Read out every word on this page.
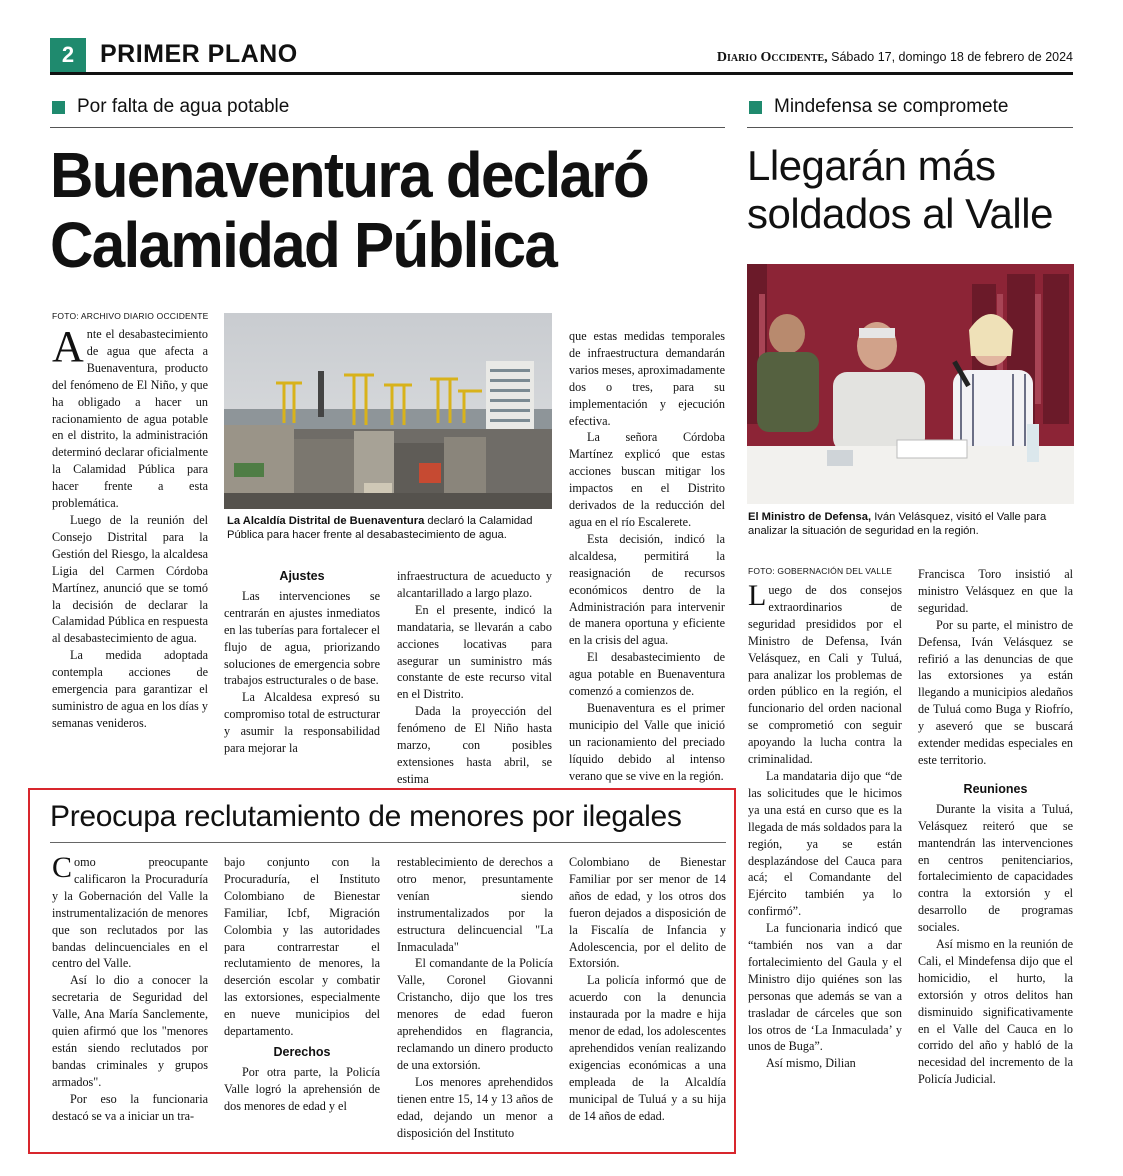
2	PRIMER PLANO	Diario Occidente, Sábado 17, domingo 18 de febrero de 2024
Por falta de agua potable
Buenaventura declaró Calamidad Pública
FOTO: ARCHIVO DIARIO OCCIDENTE

Ante el desabastecimiento de agua que afecta a Buenaventura, producto del fenómeno de El Niño, y que ha obligado a hacer un racionamiento de agua potable en el distrito, la administración determinó declarar oficialmente la Calamidad Pública para hacer frente a esta problemática.

Luego de la reunión del Consejo Distrital para la Gestión del Riesgo, la alcaldesa Ligia del Carmen Córdoba Martínez, anunció que se tomó la decisión de declarar la Calamidad Pública en respuesta al desabastecimiento de agua.

La medida adoptada contempla acciones de emergencia para garantizar el suministro de agua en los días y semanas venideros.

La Alcaldía Distrital de Buenaventura declaró la Calamidad Pública para hacer frente al desabastecimiento de agua.
Ajustes

Las intervenciones se centrarán en ajustes inmediatos en las tuberías para fortalecer el flujo de agua, priorizando soluciones de emergencia sobre trabajos estructurales o de base.

La Alcaldesa expresó su compromiso total de estructurar y asumir la responsabilidad para mejorar la

infraestructura de acueducto y alcantarillado a largo plazo.

En el presente, indicó la mandataria, se llevarán a cabo acciones locativas para asegurar un suministro más constante de este recurso vital en el Distrito.

Dada la proyección del fenómeno de El Niño hasta marzo, con posibles extensiones hasta abril, se estima

que estas medidas temporales de infraestructura demandarán varios meses, aproximadamente dos o tres, para su implementación y ejecución efectiva.

La señora Córdoba Martínez explicó que estas acciones buscan mitigar los impactos en el Distrito derivados de la reducción del agua en el río Escalerete.

Esta decisión, indicó la alcaldesa, permitirá la reasignación de recursos económicos dentro de la Administración para intervenir de manera oportuna y eficiente en la crisis del agua.

El desabastecimiento de agua potable en Buenaventura comenzó a comienzos de.

Buenaventura es el primer municipio del Valle que inició un racionamiento del preciado líquido debido al intenso verano que se vive en la región.

Preocupa reclutamiento de menores por ilegales

Como preocupante calificaron la Procuraduría y la Gobernación del Valle la instrumentalización de menores que son reclutados por las bandas delincuenciales en el centro del Valle.

Así lo dio a conocer la secretaria de Seguridad del Valle, Ana María Sanclemente, quien afirmó que los "menores están siendo reclutados por bandas criminales y grupos armados".

Por eso la funcionaria destacó se va a iniciar un tra-

bajo conjunto con la Procuraduría, el Instituto Colombiano de Bienestar Familiar, Icbf, Migración Colombia y las autoridades para contrarrestar el reclutamiento de menores, la deserción escolar y combatir las extorsiones, especialmente en nueve municipios del departamento.

Derechos

Por otra parte, la Policía Valle logró la aprehensión de dos menores de edad y el

restablecimiento de derechos a otro menor, presuntamente venían siendo instrumentalizados por la estructura delincuencial "La Inmaculada"

El comandante de la Policía Valle, Coronel Giovanni Cristancho, dijo que los tres menores de edad fueron aprehendidos en flagrancia, reclamando un dinero producto de una extorsión.

Los menores aprehendidos tienen entre 15, 14 y 13 años de edad, dejando un menor a disposición del Instituto

Colombiano de Bienestar Familiar por ser menor de 14 años de edad, y los otros dos fueron dejados a disposición de la Fiscalía de Infancia y Adolescencia, por el delito de Extorsión.

La policía informó que de acuerdo con la denuncia instaurada por la madre e hija menor de edad, los adolescentes aprehendidos venían realizando exigencias económicas a una empleada de la Alcaldía municipal de Tuluá y a su hija de 14 años de edad.

Mindefensa se compromete
Llegarán más soldados al Valle
El Ministro de Defensa, Iván Velásquez, visitó el Valle para analizar la situación de seguridad en la región.
FOTO: GOBERNACIÓN DEL VALLE

Luego de dos consejos extraordinarios de seguridad presididos por el Ministro de Defensa, Iván Velásquez, en Cali y Tuluá, para analizar los problemas de orden público en la región, el funcionario del orden nacional se comprometió con seguir apoyando la lucha contra la criminalidad.

La mandataria dijo que “de las solicitudes que le hicimos ya una está en curso que es la llegada de más soldados para la región, ya se están desplazándose del Cauca para acá; el Comandante del Ejército también ya lo confirmó”.

La funcionaria indicó que “también nos van a dar fortalecimiento del Gaula y el Ministro dijo quiénes son las personas que además se van a trasladar de cárceles que son los otros de ‘La Inmaculada’ y unos de Buga”.

Así mismo, Dilian

Francisca Toro insistió al ministro Velásquez en que la seguridad.

Por su parte, el ministro de Defensa, Iván Velásquez se refirió a las denuncias de que las extorsiones ya están llegando a municipios aledaños de Tuluá como Buga y Riofrío, y aseveró que se buscará extender medidas especiales en este territorio.

Reuniones

Durante la visita a Tuluá, Velásquez reiteró que se mantendrán las intervenciones en centros penitenciarios, fortalecimiento de capacidades contra la extorsión y el desarrollo de programas sociales.

Así mismo en la reunión de Cali, el Mindefensa dijo que el homicidio, el hurto, la extorsión y otros delitos han disminuido significativamente en el Valle del Cauca en lo corrido del año y habló de la necesidad del incremento de la Policía Judicial.
